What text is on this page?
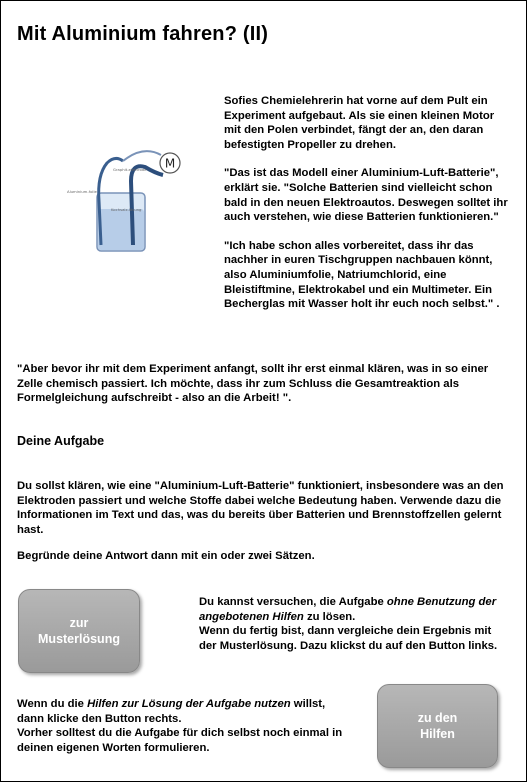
Mit Aluminium fahren? (II)
M
Graphit-elektrode
Aluminium-folie
Kochsalz-lösung

Sofies Chemielehrerin hat vorne auf dem Pult ein Experiment aufgebaut. Als sie einen kleinen Motor mit den Polen verbindet, fängt der an, den daran befestigten Propeller zu drehen.

"Das ist das Modell einer Aluminium-Luft-Batterie", erklärt sie. "Solche Batterien sind vielleicht schon bald in den neuen Elektroautos. Deswegen solltet ihr auch verstehen, wie diese Batterien funktionieren."

"Ich habe schon alles vorbereitet, dass ihr das nachher in euren Tischgruppen nachbauen könnt, also Aluminiumfolie, Natriumchlorid, eine Bleistiftmine, Elektrokabel und ein Multimeter. Ein Becherglas mit Wasser holt ihr euch noch selbst." .

"Aber bevor ihr mit dem Experiment anfangt, sollt ihr erst einmal klären, was in so einer Zelle chemisch passiert. Ich möchte, dass ihr zum Schluss die Gesamtreaktion als Formelgleichung aufschreibt - also an die Arbeit! ".

Deine Aufgabe

Du sollst klären, wie eine "Aluminium-Luft-Batterie" funktioniert, insbesondere was an den Elektroden passiert und welche Stoffe dabei welche Bedeutung haben. Verwende dazu die Informationen im Text und das, was du bereits über Batterien und Brennstoffzellen gelernt hast.

Begründe deine Antwort dann mit ein oder zwei Sätzen.

zur
Musterlösung
Du kannst versuchen, die Aufgabe ohne Benutzung der angebotenen Hilfen zu lösen.
Wenn du fertig bist, dann vergleiche dein Ergebnis mit der Musterlösung. Dazu klickst du auf den Button links.
Wenn du die Hilfen zur Lösung der Aufgabe nutzen willst, dann klicke den Button rechts.
Vorher solltest du die Aufgabe für dich selbst noch einmal in deinen eigenen Worten formulieren.
zu den
Hilfen
